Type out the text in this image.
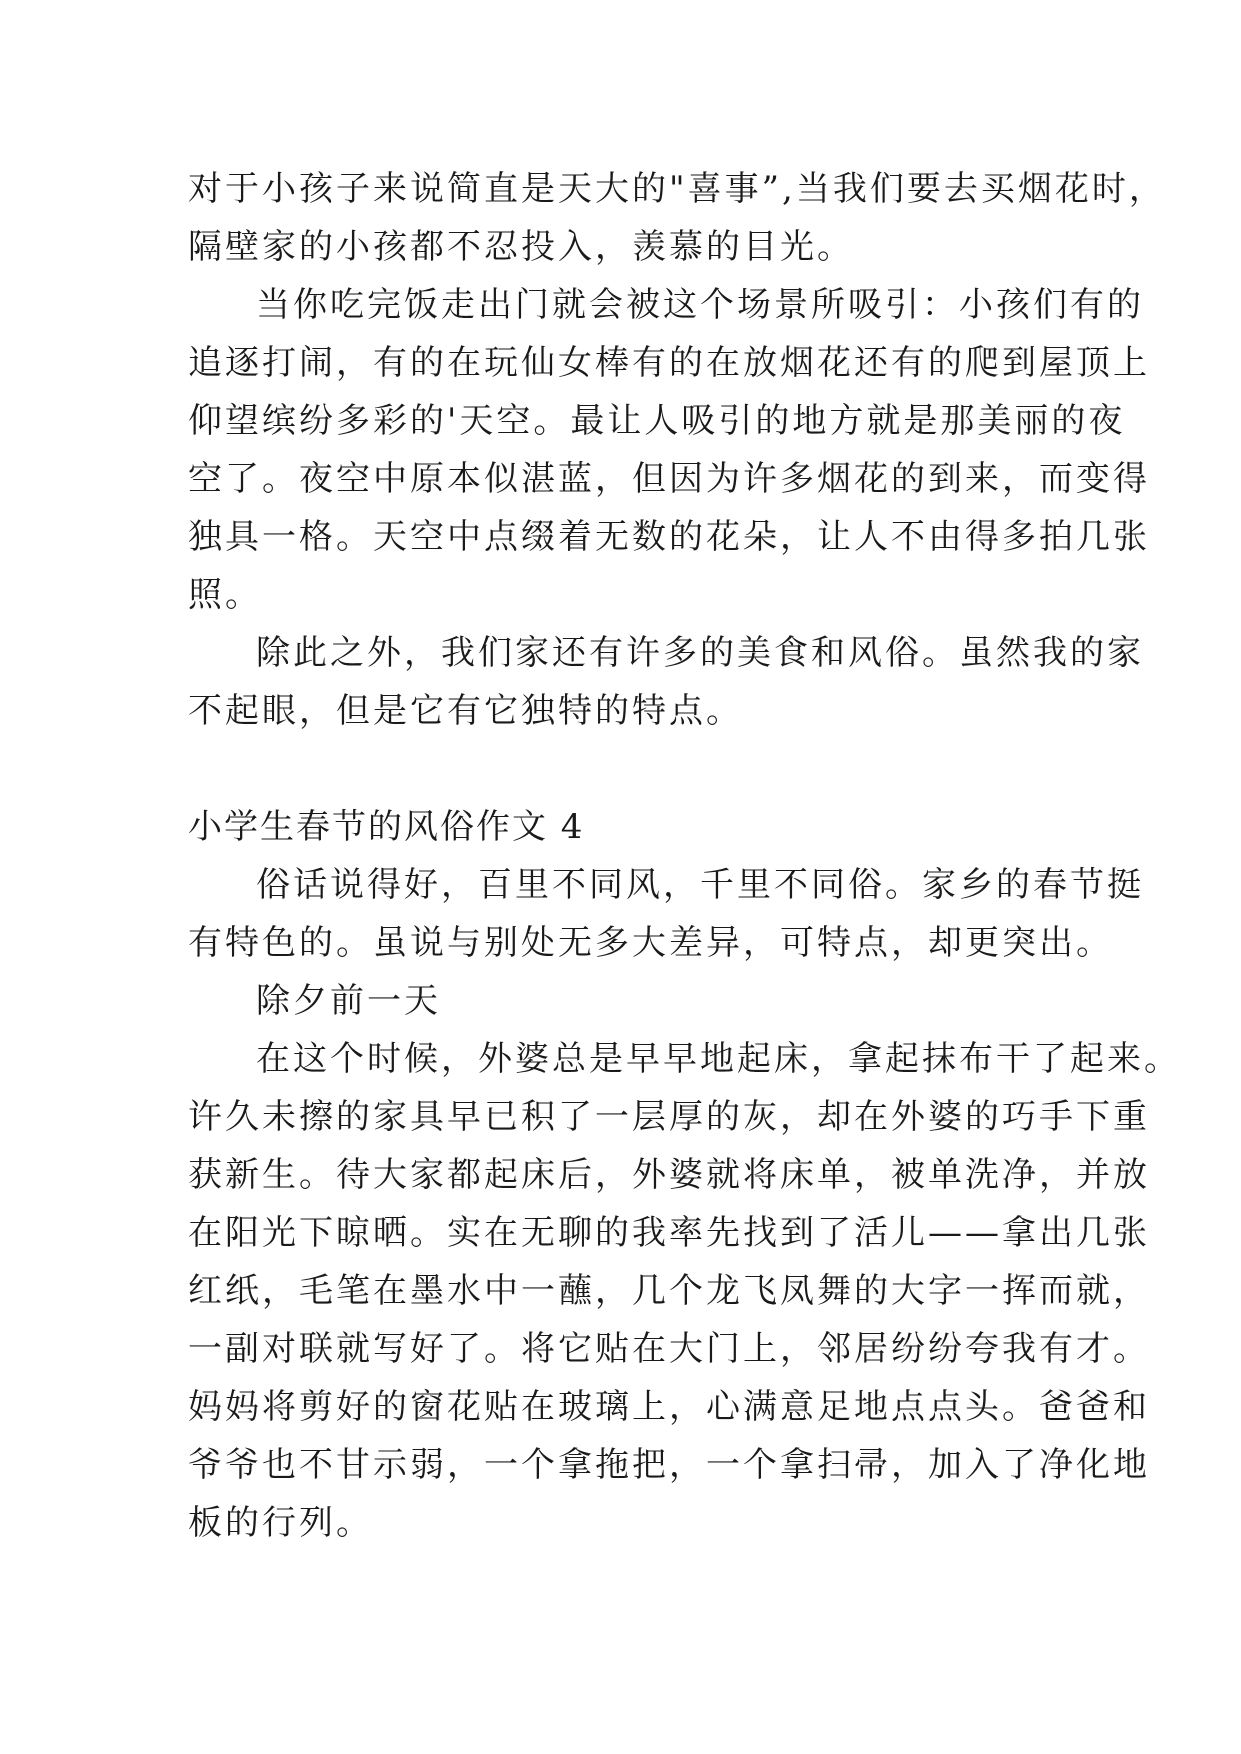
对于小孩子来说简直是天大的"喜事”,当我们要去买烟花时，
隔壁家的小孩都不忍投入，羡慕的目光。
当你吃完饭走出门就会被这个场景所吸引：小孩们有的
追逐打闹，有的在玩仙女棒有的在放烟花还有的爬到屋顶上
仰望缤纷多彩的'天空。最让人吸引的地方就是那美丽的夜
空了。夜空中原本似湛蓝，但因为许多烟花的到来，而变得
独具一格。天空中点缀着无数的花朵，让人不由得多拍几张
照。
除此之外，我们家还有许多的美食和风俗。虽然我的家
不起眼，但是它有它独特的特点。
小学生春节的风俗作文 4
俗话说得好，百里不同风，千里不同俗。家乡的春节挺
有特色的。虽说与别处无多大差异，可特点，却更突出。
除夕前一天
在这个时候，外婆总是早早地起床，拿起抹布干了起来。
许久未擦的家具早已积了一层厚的灰，却在外婆的巧手下重
获新生。待大家都起床后，外婆就将床单，被单洗净，并放
在阳光下晾晒。实在无聊的我率先找到了活儿——拿出几张
红纸，毛笔在墨水中一蘸，几个龙飞凤舞的大字一挥而就，
一副对联就写好了。将它贴在大门上，邻居纷纷夸我有才。
妈妈将剪好的窗花贴在玻璃上，心满意足地点点头。爸爸和
爷爷也不甘示弱，一个拿拖把，一个拿扫帚，加入了净化地
板的行列。
